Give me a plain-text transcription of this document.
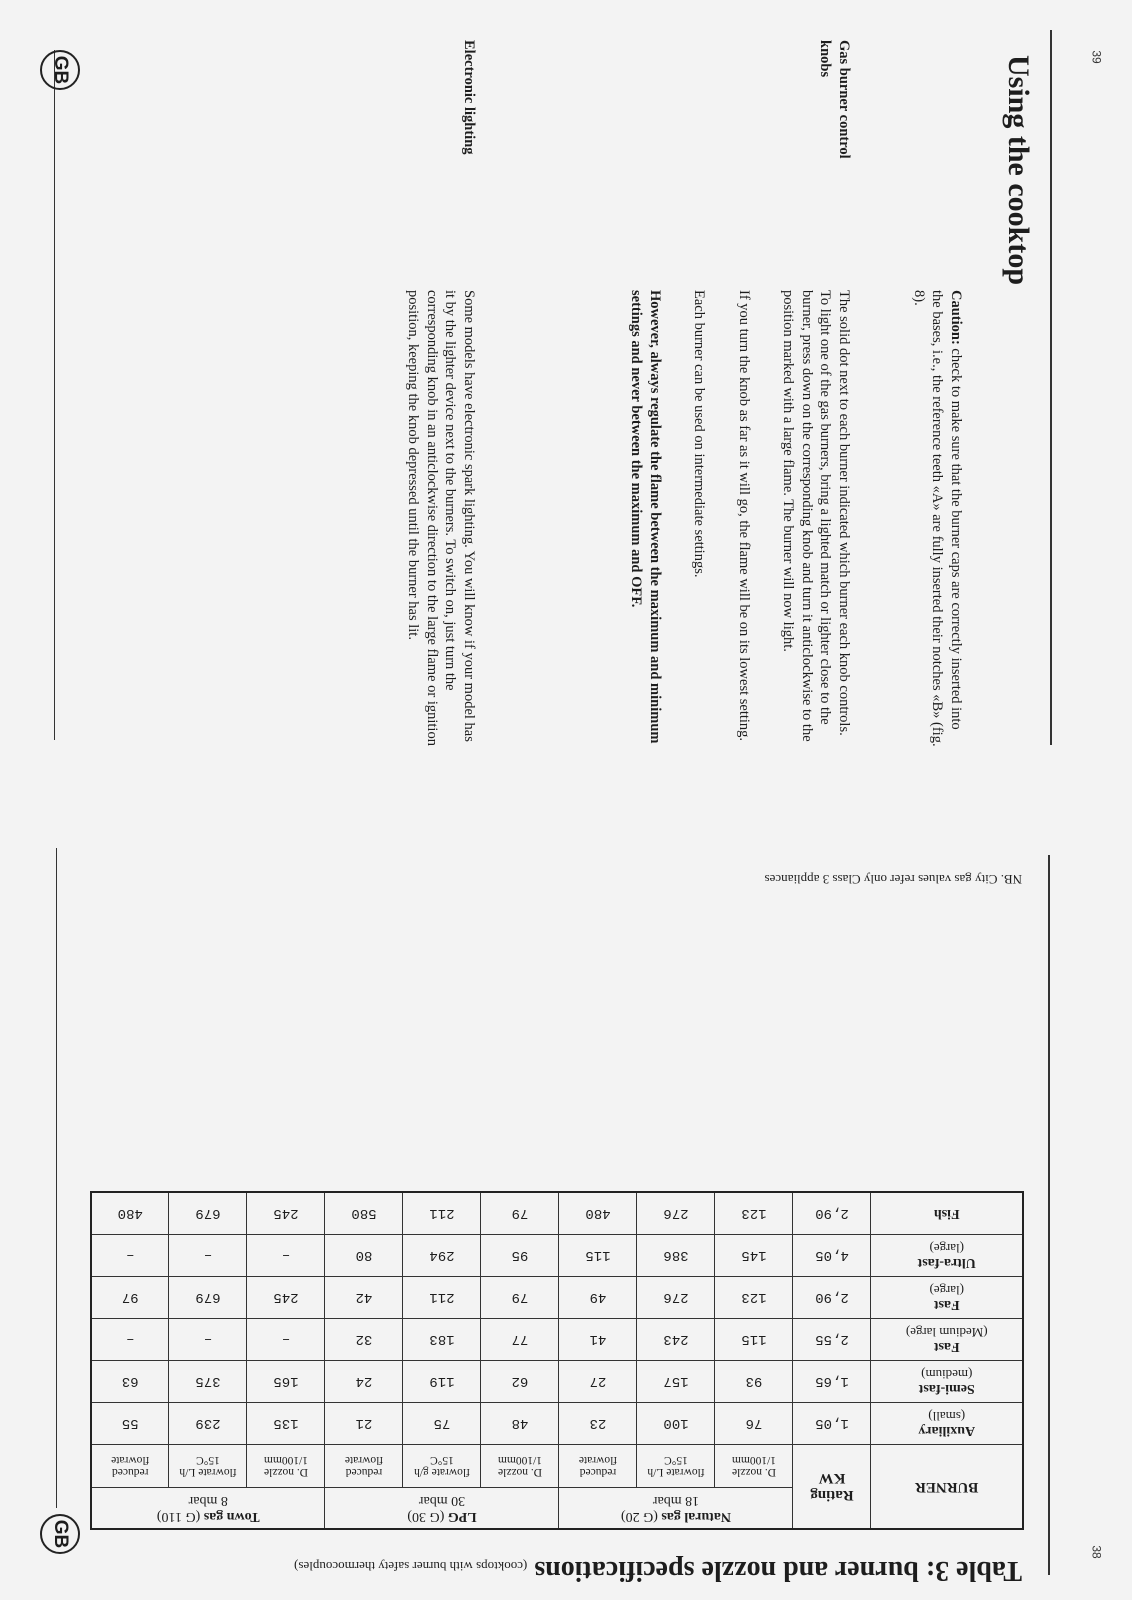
GB
GB
39
38
Using the cooktop
Caution: check to make sure that the burner caps are correctly inserted into the bases, i.e., the reference teeth «A» are fully inserted their notches «B» (fig. 8).
Gas burner control knobs

The solid dot next to each burner indicated which burner each knob controls.

To light one of the gas burners, bring a lighted match or lighter close to the burner, press down on the corresponding knob and turn it anticlockwise to the position marked with a large flame. The burner will now light.

If you turn the knob as far as it will go, the flame will be on its lowest setting.

Each burner can be used on intermediate settings.

However, always regulate the flame between the maximum and minimum settings and never between the maximum and OFF.

Electronic lighting
Some models have electronic spark lighting. You will know if your model has it by the lighter device next to the burners. To switch on, just turn the corresponding knob in an anticlockwise direction to the large flame or ignition position, keeping the knob depressed until the burner has lit.
Table 3: burner and nozzle specifications (cooktops with burner safety thermocouples)
BURNER	Rating
KW	Natural gas (G 20)
18 mbar			LPG (G 30)
30 mbar			Town gas (G 110)
8 mbar		
		D. nozzle 1/100mm	flowrate L/h 15°C	reduced flowrate	D. nozzle 1/100mm	flowrate g/h 15°C	reduced flowrate	D. nozzle 1/100mm	flowrate L/h 15°C	reduced flowrate
Auxiliary
(small)	1,05	76	100	23	48	75	21	135	239	55
Semi-fast
(medium)	1,65	93	157	27	62	119	24	165	375	63
Fast
(Medium large)	2,55	115	243	41	77	183	32	–	–	–
Fast
(large)	2,90	123	276	49	79	211	42	245	679	97
Ultra-fast
(large)	4,05	145	386	115	95	294	80	–	–	–
Fish	2,90	123	276	480	79	211	580	245	679	480

NB. City gas values refer only Class 3 appliances
